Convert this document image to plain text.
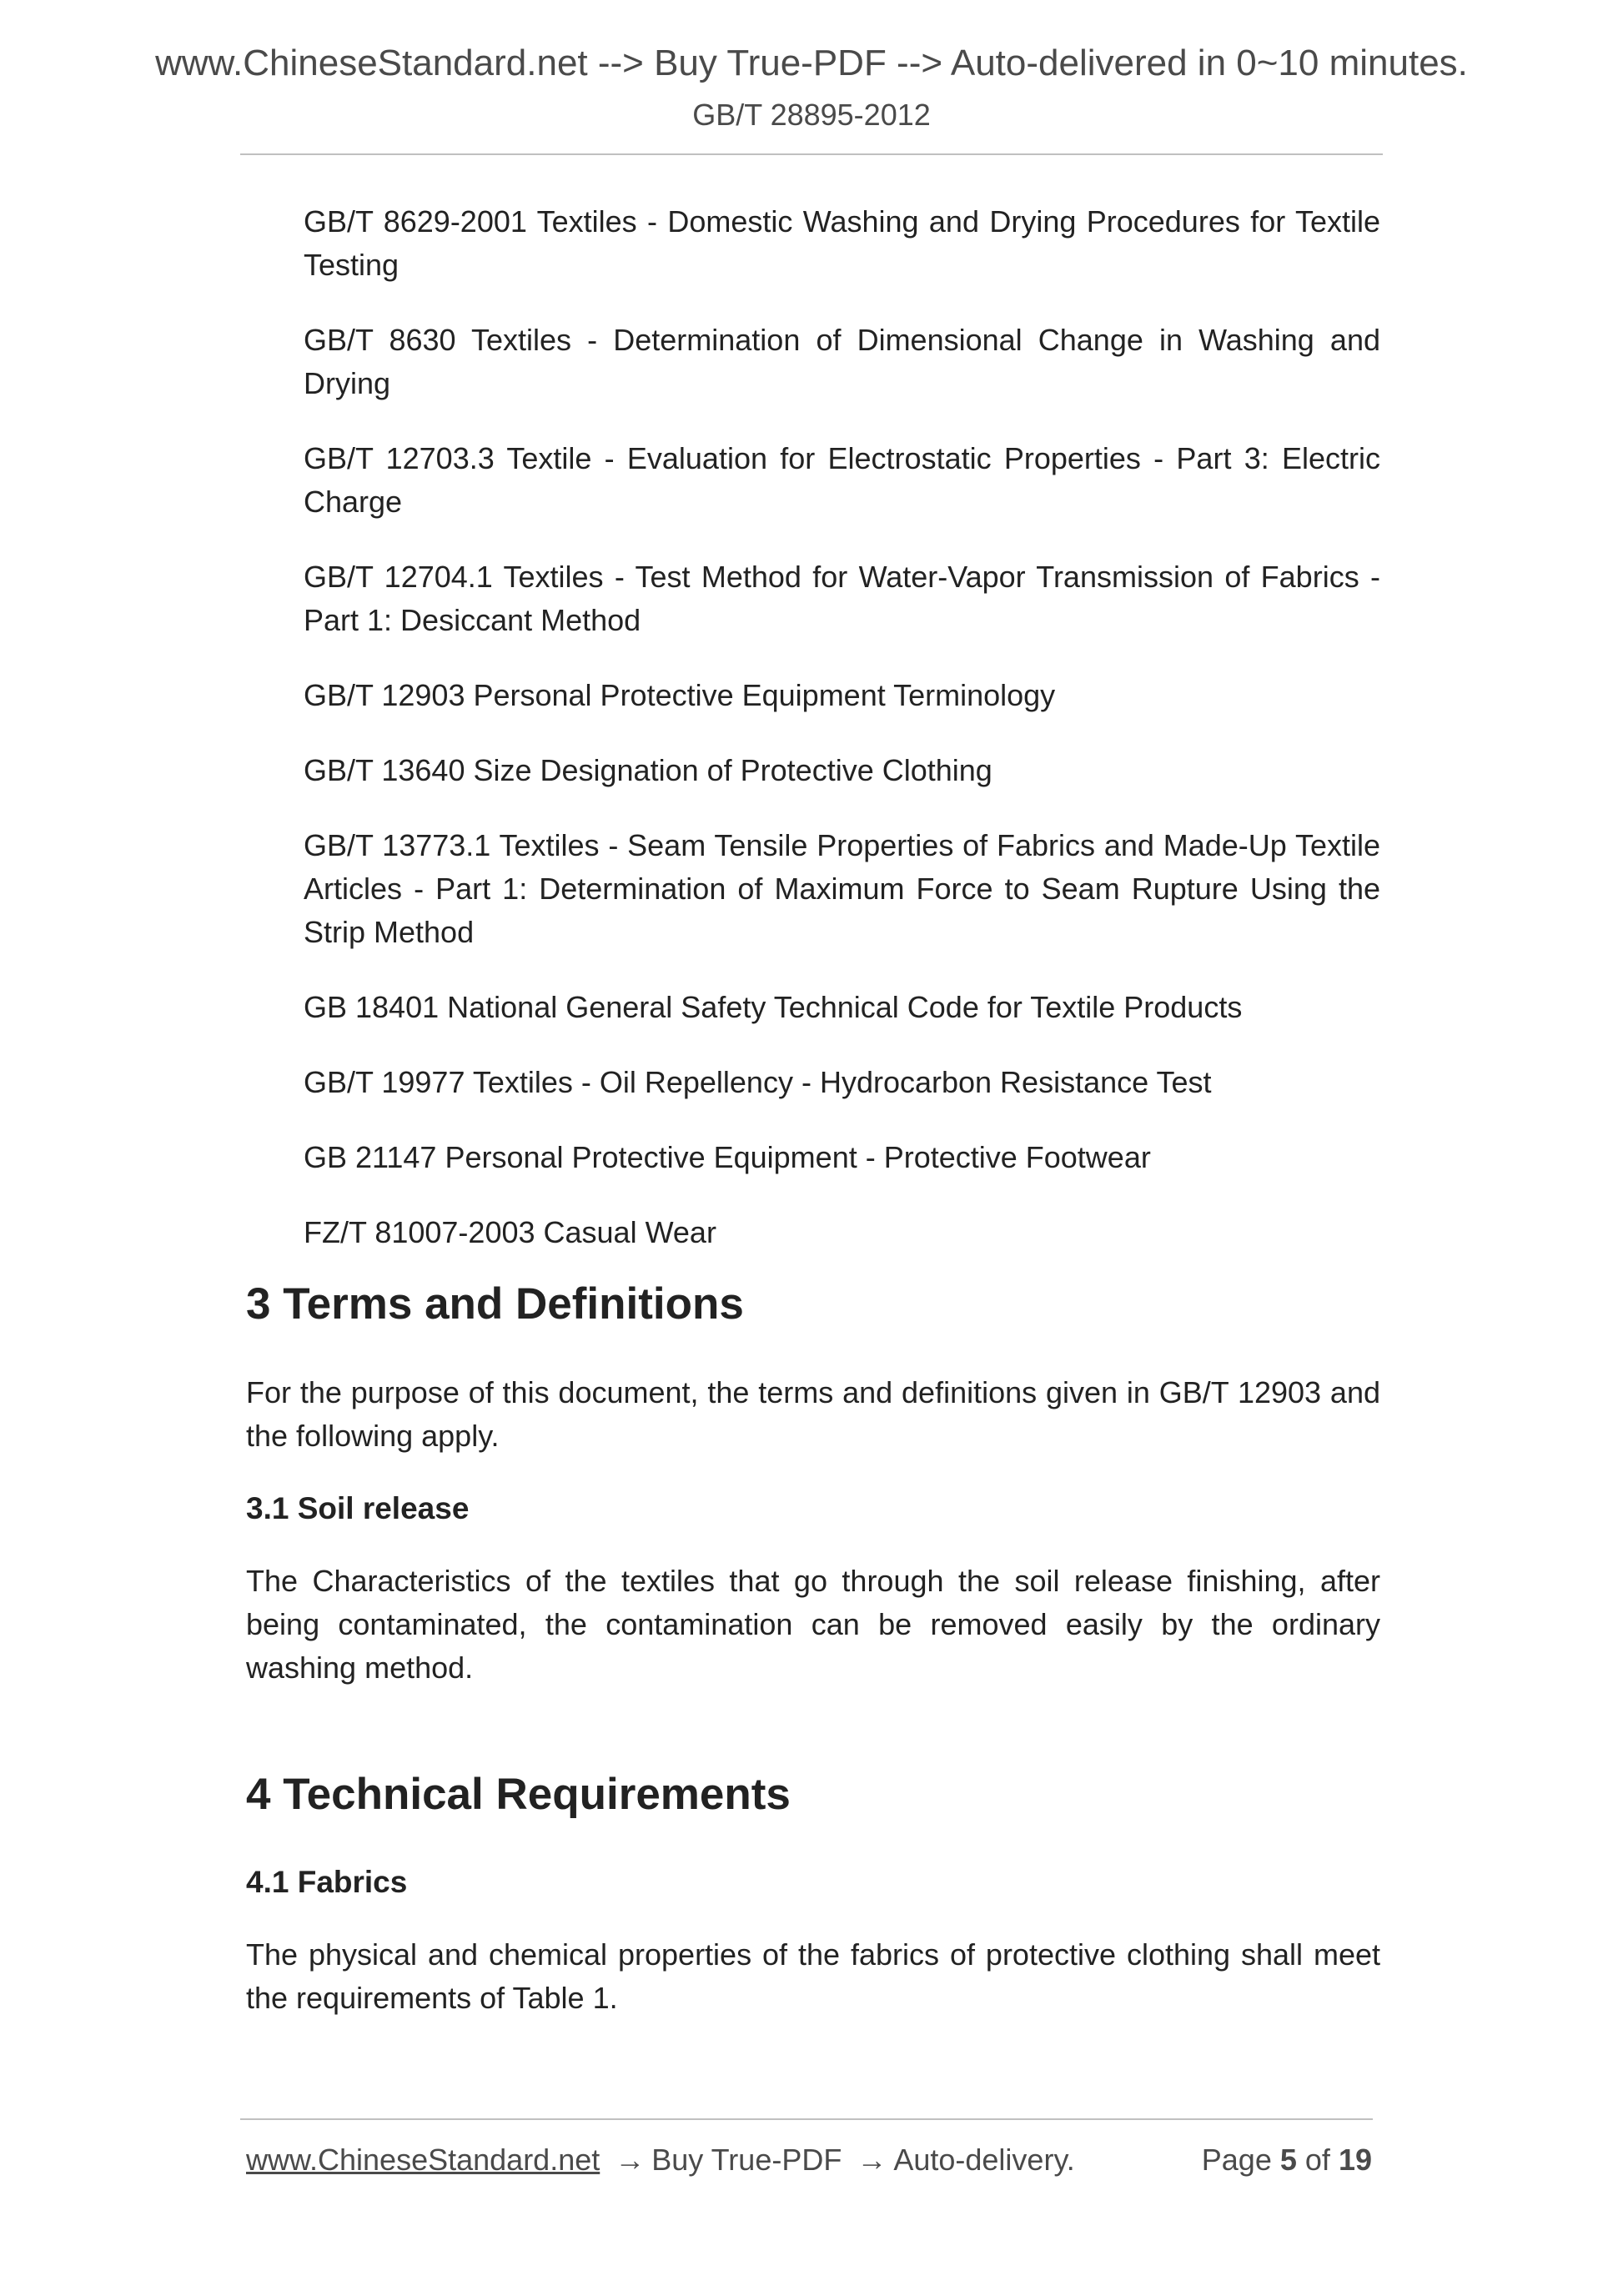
www.ChineseStandard.net --> Buy True-PDF --> Auto-delivered in 0~10 minutes.
GB/T 28895-2012
GB/T 8629-2001 Textiles - Domestic Washing and Drying Procedures for Textile Testing
GB/T 8630 Textiles - Determination of Dimensional Change in Washing and Drying
GB/T 12703.3 Textile - Evaluation for Electrostatic Properties - Part 3: Electric Charge
GB/T 12704.1 Textiles - Test Method for Water-Vapor Transmission of Fabrics - Part 1: Desiccant Method
GB/T 12903 Personal Protective Equipment Terminology
GB/T 13640 Size Designation of Protective Clothing
GB/T 13773.1 Textiles - Seam Tensile Properties of Fabrics and Made-Up Textile Articles - Part 1: Determination of Maximum Force to Seam Rupture Using the Strip Method
GB 18401 National General Safety Technical Code for Textile Products
GB/T 19977 Textiles - Oil Repellency - Hydrocarbon Resistance Test
GB 21147 Personal Protective Equipment - Protective Footwear
FZ/T 81007-2003 Casual Wear
3 Terms and Definitions

For the purpose of this document, the terms and definitions given in GB/T 12903 and the following apply.

3.1 Soil release

The Characteristics of the textiles that go through the soil release finishing, after being contaminated, the contamination can be removed easily by the ordinary washing method.

4 Technical Requirements
4.1 Fabrics

The physical and chemical properties of the fabrics of protective clothing shall meet the requirements of Table 1.

www.ChineseStandard.net → Buy True-PDF → Auto-delivery.	Page 5 of 19
